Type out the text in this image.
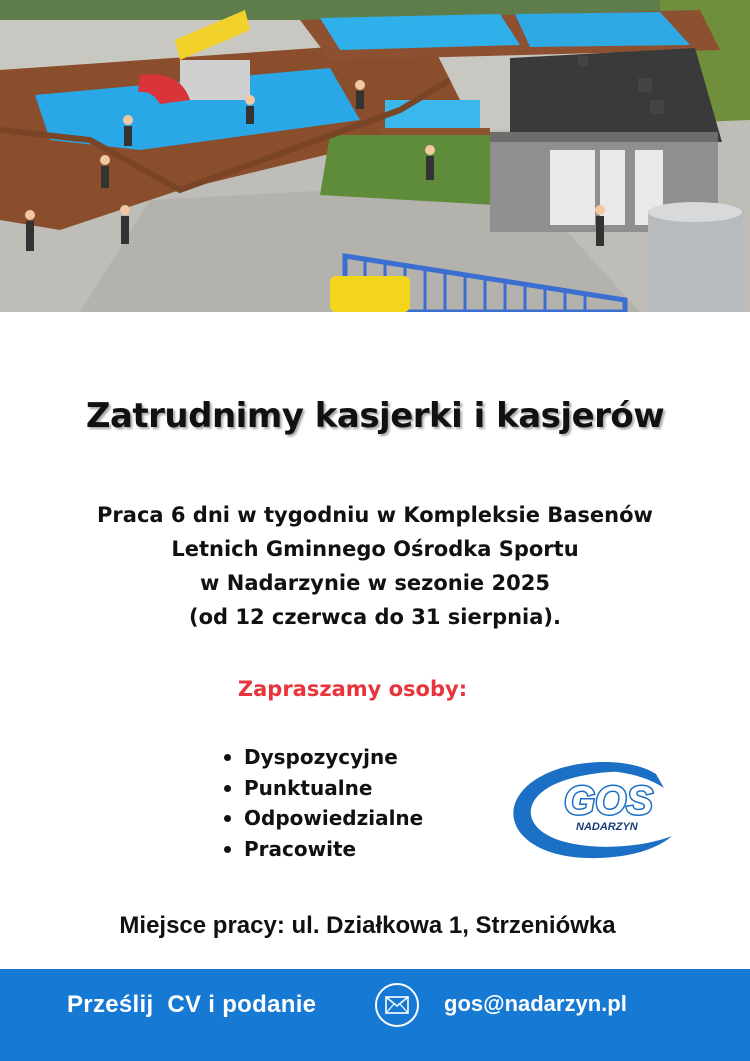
Zatrudnimy kasjerki i kasjerów
Praca 6 dni w tygodniu w Kompleksie Basenów
Letnich Gminnego Ośrodka Sportu
w Nadarzynie w sezonie 2025
(od 12 czerwca do 31 sierpnia).
Zapraszamy osoby:
Dyspozycyjne
Punktualne
Odpowiedzialne
Pracowite
GOS
NADARZYN
Miejsce pracy: ul. Działkowa 1, Strzeniówka
Prześlij  CV i podanie	gos@nadarzyn.pl
